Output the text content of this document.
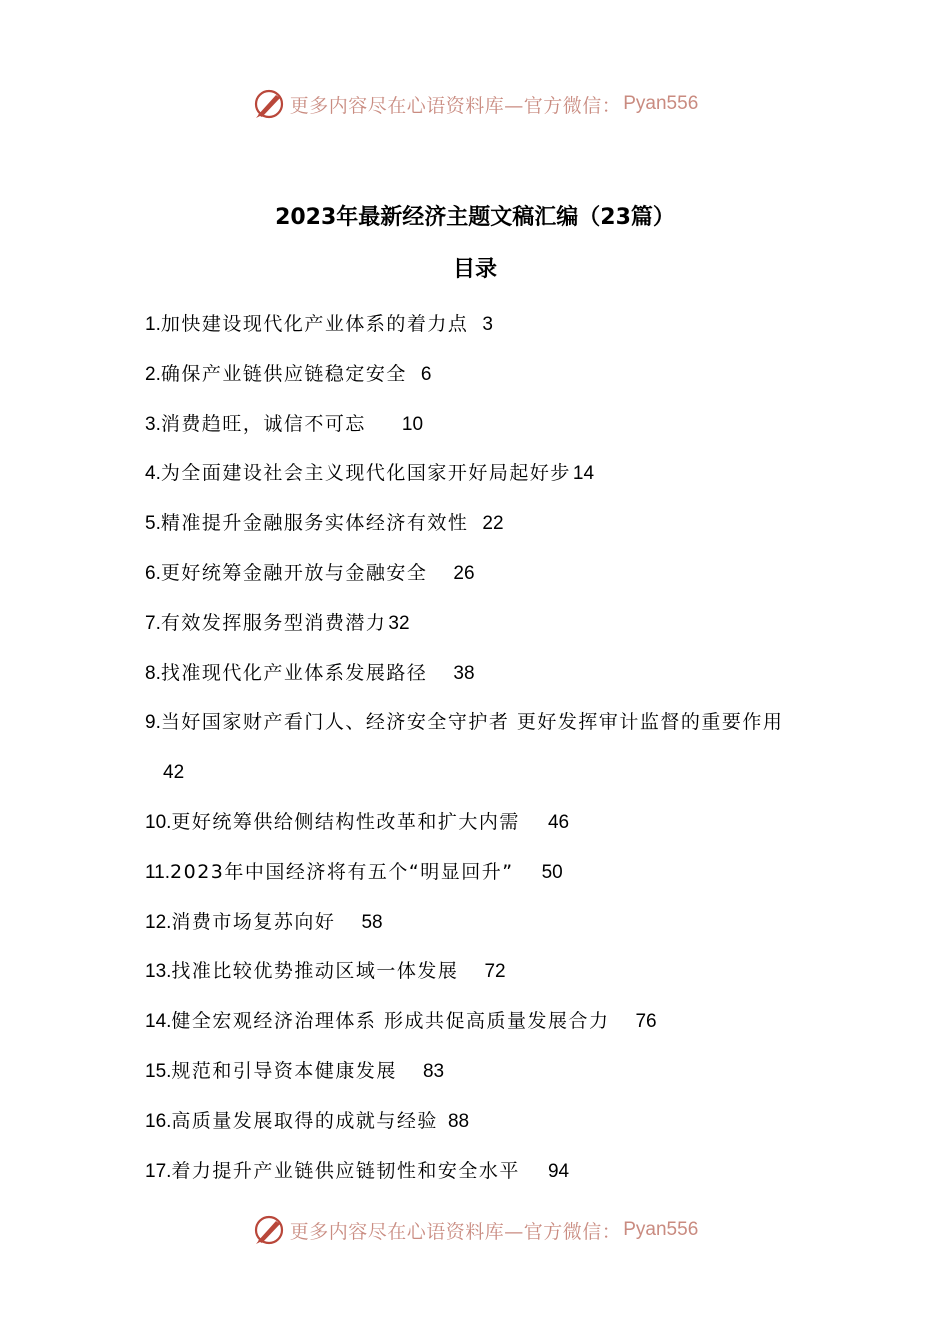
更多内容尽在心语资料库—官方微信： Pyan556
2023年最新经济主题文稿汇编（23篇）
目录
1.加快建设现代化产业体系的着力点 3
2.确保产业链供应链稳定安全 6
3.消费趋旺，诚信不可忘 10
4.为全面建设社会主义现代化国家开好局起好步 14
5.精准提升金融服务实体经济有效性 22
6.更好统筹金融开放与金融安全 26
7.有效发挥服务型消费潜力 32
8.找准现代化产业体系发展路径 38
9.当好国家财产看门人、经济安全守护者 更好发挥审计监督的重要作用42
10.更好统筹供给侧结构性改革和扩大内需 46
11.2023年中国经济将有五个“明显回升” 50
12.消费市场复苏向好 58
13.找准比较优势推动区域一体发展 72
14.健全宏观经济治理体系 形成共促高质量发展合力 76
15.规范和引导资本健康发展 83
16.高质量发展取得的成就与经验 88
17.着力提升产业链供应链韧性和安全水平 94
更多内容尽在心语资料库—官方微信： Pyan556
